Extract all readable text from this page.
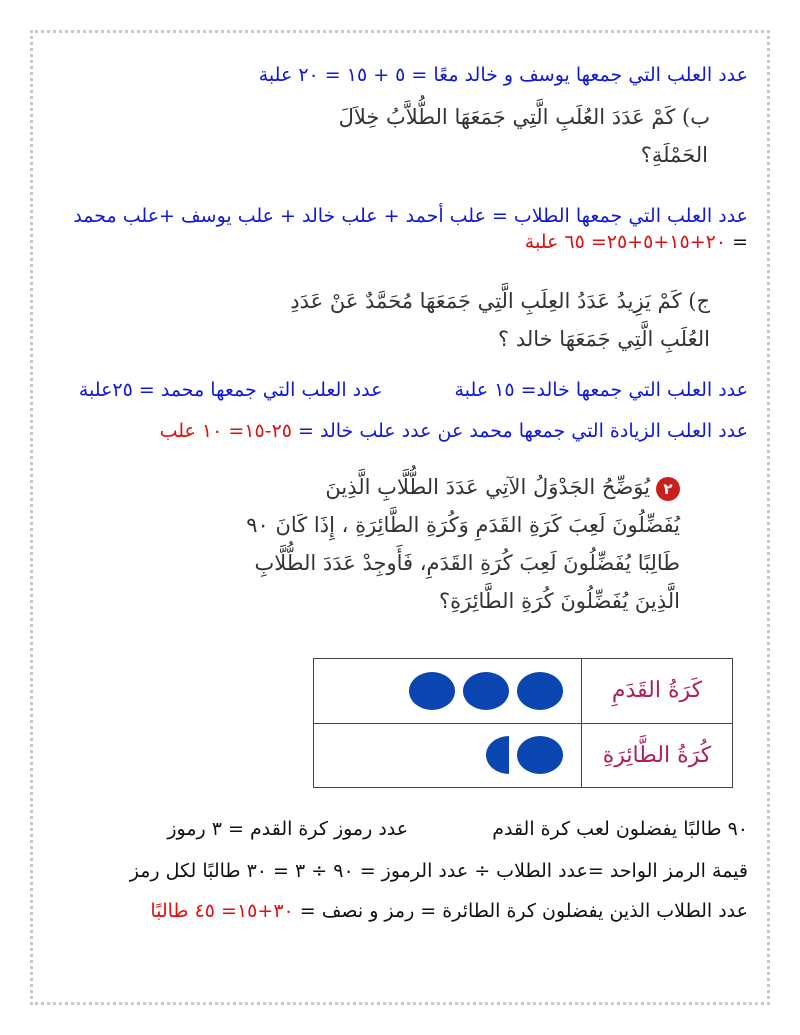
عدد العلب التي جمعها يوسف و خالد معًا = ٥ + ١٥ = ٢٠ علبة
ب) كَمْ عَدَدَ العُلَبِ الَّتِي جَمَعَهَا الطُّلاَّبُ خِلاَلَ
الحَمْلَةِ؟
عدد العلب التي جمعها الطلاب = علب أحمد + علب خالد + علب يوسف +علب محمد
= ٢٠+١٥+٥+٢٥= ٦٥ علبة
ج) كَمْ يَزِيدُ عَدَدُ العِلَبِ الَّتِي جَمَعَهَا مُحَمَّدٌ عَنْ عَدَدِ
العُلَبِ الَّتِي جَمَعَهَا خالد ؟
عدد العلب التي جمعها خالد= ١٥ علبة  عدد العلب التي جمعها محمد = ٢٥علبة
عدد العلب الزيادة التي جمعها محمد عن عدد علب خالد = ٢٥-١٥= ١٠ علب
٢يُوَضِّحُ الجَدْوَلُ الآتِي عَدَدَ الطُّلَّابِ الَّذِينَ
يُفَضِّلُونَ لَعِبَ كَرَةِ القَدَمِ وَكُرَةِ الطَّائِرَةِ ، إِذَا كَانَ ٩٠
طَالِبًا يُفَضِّلُونَ لَعِبَ كُرَةِ القَدَمِ، فَأَوجِدْ عَدَدَ الطُّلَّابِ
الَّذِينَ يُفَضِّلُونَ كُرَةِ الطَّائِرَةِ؟
كَرَةُ القَدَمِ	
كُرَةُ الطَّائِرَةِ	
٩٠ طالبًا يفضلون لعب كرة القدم  عدد رموز كرة القدم = ٣ رموز
قيمة الرمز الواحد =عدد الطلاب ÷ عدد الرموز = ٩٠ ÷ ٣ = ٣٠ طالبًا لكل رمز
عدد الطلاب الذين يفضلون كرة الطائرة = رمز و نصف = ٣٠+١٥= ٤٥ طالبًا
